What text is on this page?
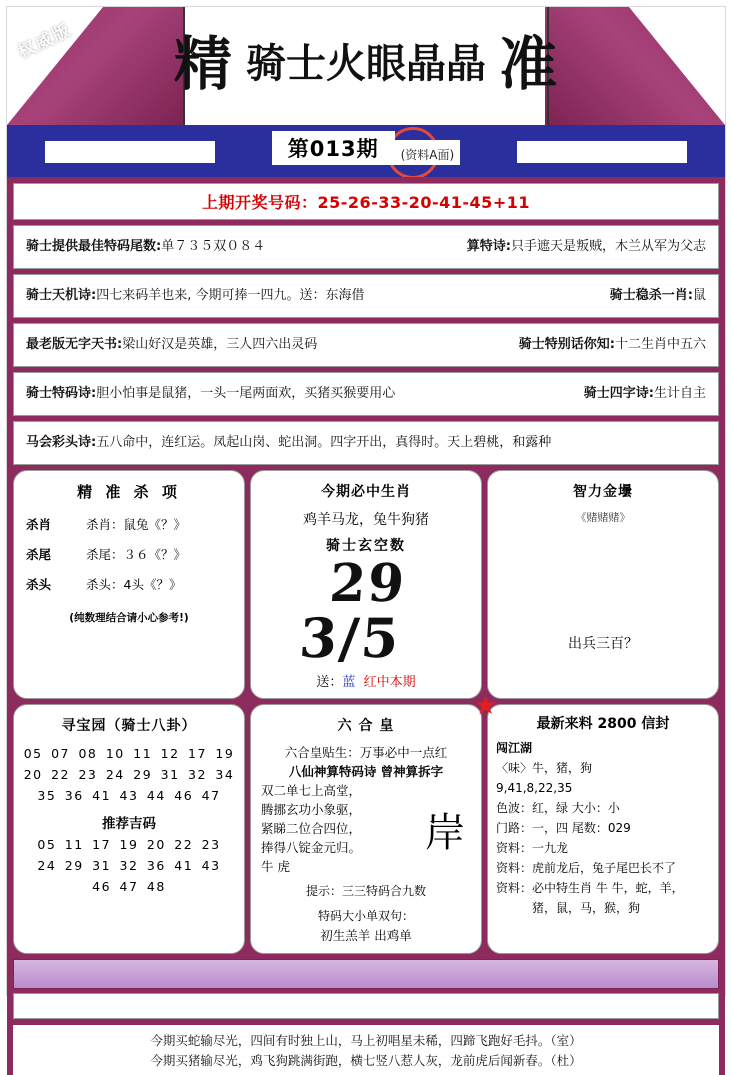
权威版	精 骑士火眼晶晶 准
第013期 (资料A面)
上期开奖号码：25-26-33-20-41-45+11
骑士提供最佳特码尾数:单７３５双０８４	算特诗:只手遮天是叛贼，木兰从军为父志
骑士天机诗:四七来码羊也来, 今期可捧一四九。送：东海借	骑士稳杀一肖:鼠
最老版无字天书:梁山好汉是英雄，三人四六出灵码	骑士特别话你知:十二生肖中五六
骑士特码诗:胆小怕事是鼠猪，一头一尾两面欢，买猪买猴要用心	骑士四字诗:生计自主
马会彩头诗:五八命中，连红运。凤起山岗、蛇出洞。四字开出，真得时。天上碧桃，和露种
精 准 杀 项
杀肖	杀肖：鼠兔《？》
杀尾	杀尾：３６《？》
杀头	杀头：4头《？》
(纯数理结合请小心参考!)
今期必中生肖
鸡羊马龙，兔牛狗猪
骑士玄空数
29
3/5
送：蓝 红中本期
智力金壜
《赌赌赌》
出兵三百？
寻宝园（骑士八卦）
05 07 08 10 11 12 17 19
20 22 23 24 29 31 32 34
35 36 41 43 44 46 47
推荐吉码
05 11 17 19 20 22 23
24 29 31 32 36 41 43
46 47 48
六 合 皇
六合皇贴生：万事必中一点红
八仙神算特码诗 曾神算拆字
双二单七上高堂，
腾挪玄功小象驱，
紧睇二位合四位，
捧得八锭金元归。
牛 虎
提示：三三特码合九数
特码大小单双句：
初生羔羊 出鸡单
岸
★
最新来料 2800 信封
闯江湖
〈味〉牛，猪，狗
9,41,8,22,35
色波：红，绿 大小：小
门路：一，四 尾数：029
资料：一九龙
资料：虎前龙后，兔子尾巴长不了
资料：必中特生肖 牛 牛，蛇，羊，
　　　猪，鼠，马，猴，狗
今期买蛇输尽光，四间有时独上山，马上初唱星未稀，四蹄飞跑好毛抖。（室）
今期买猪输尽光，鸡飞狗跳满街跑，横七竖八惹人灰，龙前虎后闻新春。（杜）
